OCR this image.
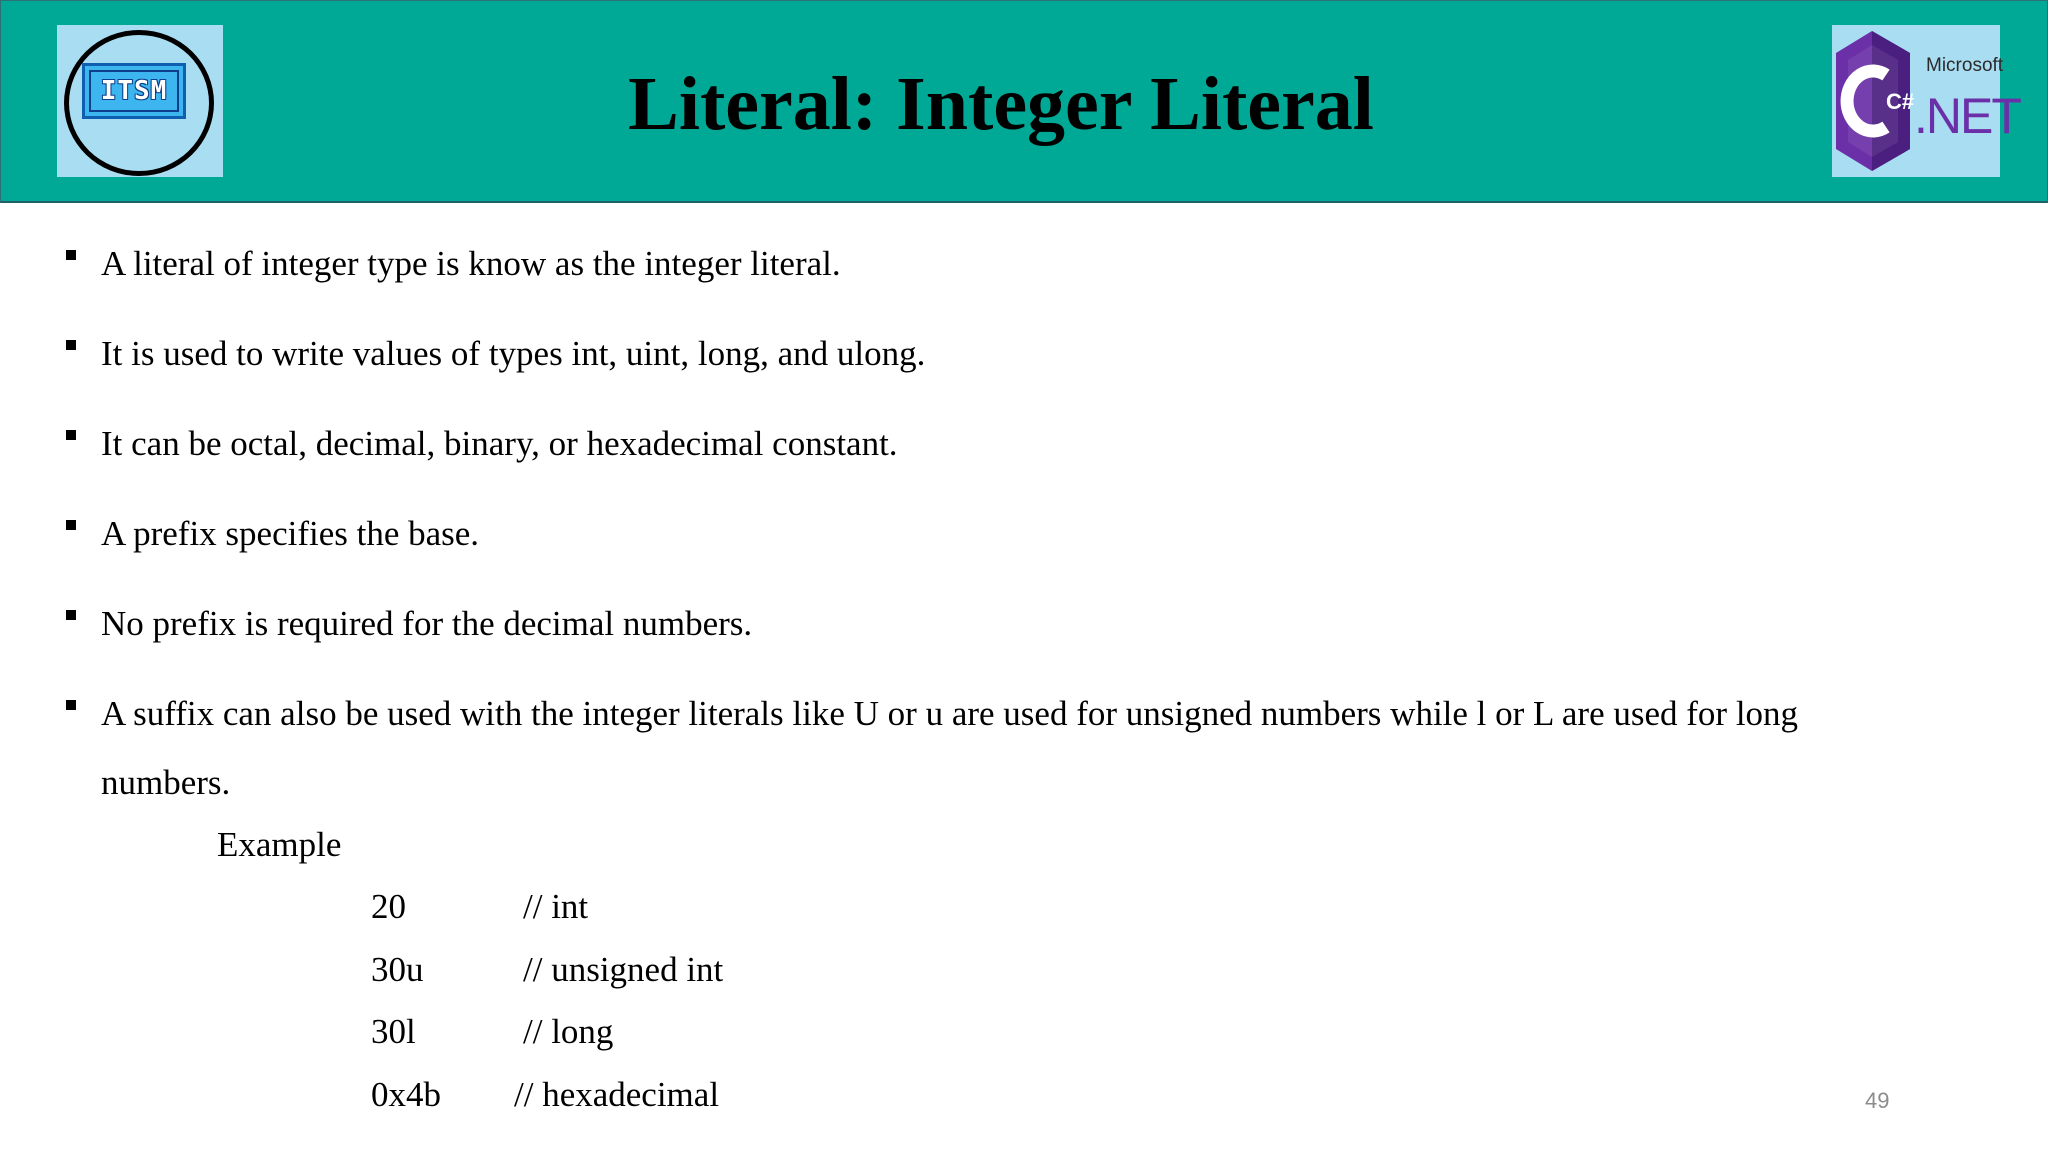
ITSM	Literal: Integer Literal	C#
Microsoft
.NET
A literal of integer type is know as the integer literal.
It is used to write values of types int, uint, long, and ulong.
It can be octal, decimal, binary, or hexadecimal constant.
A prefix specifies the base.
No prefix is required for the decimal numbers.
A suffix can also be used with the integer literals like U or u are used for unsigned numbers while l or L are used for long
numbers.
Example
20	// int
30u	// unsigned int
30l	// long
0x4b // hexadecimal	49
